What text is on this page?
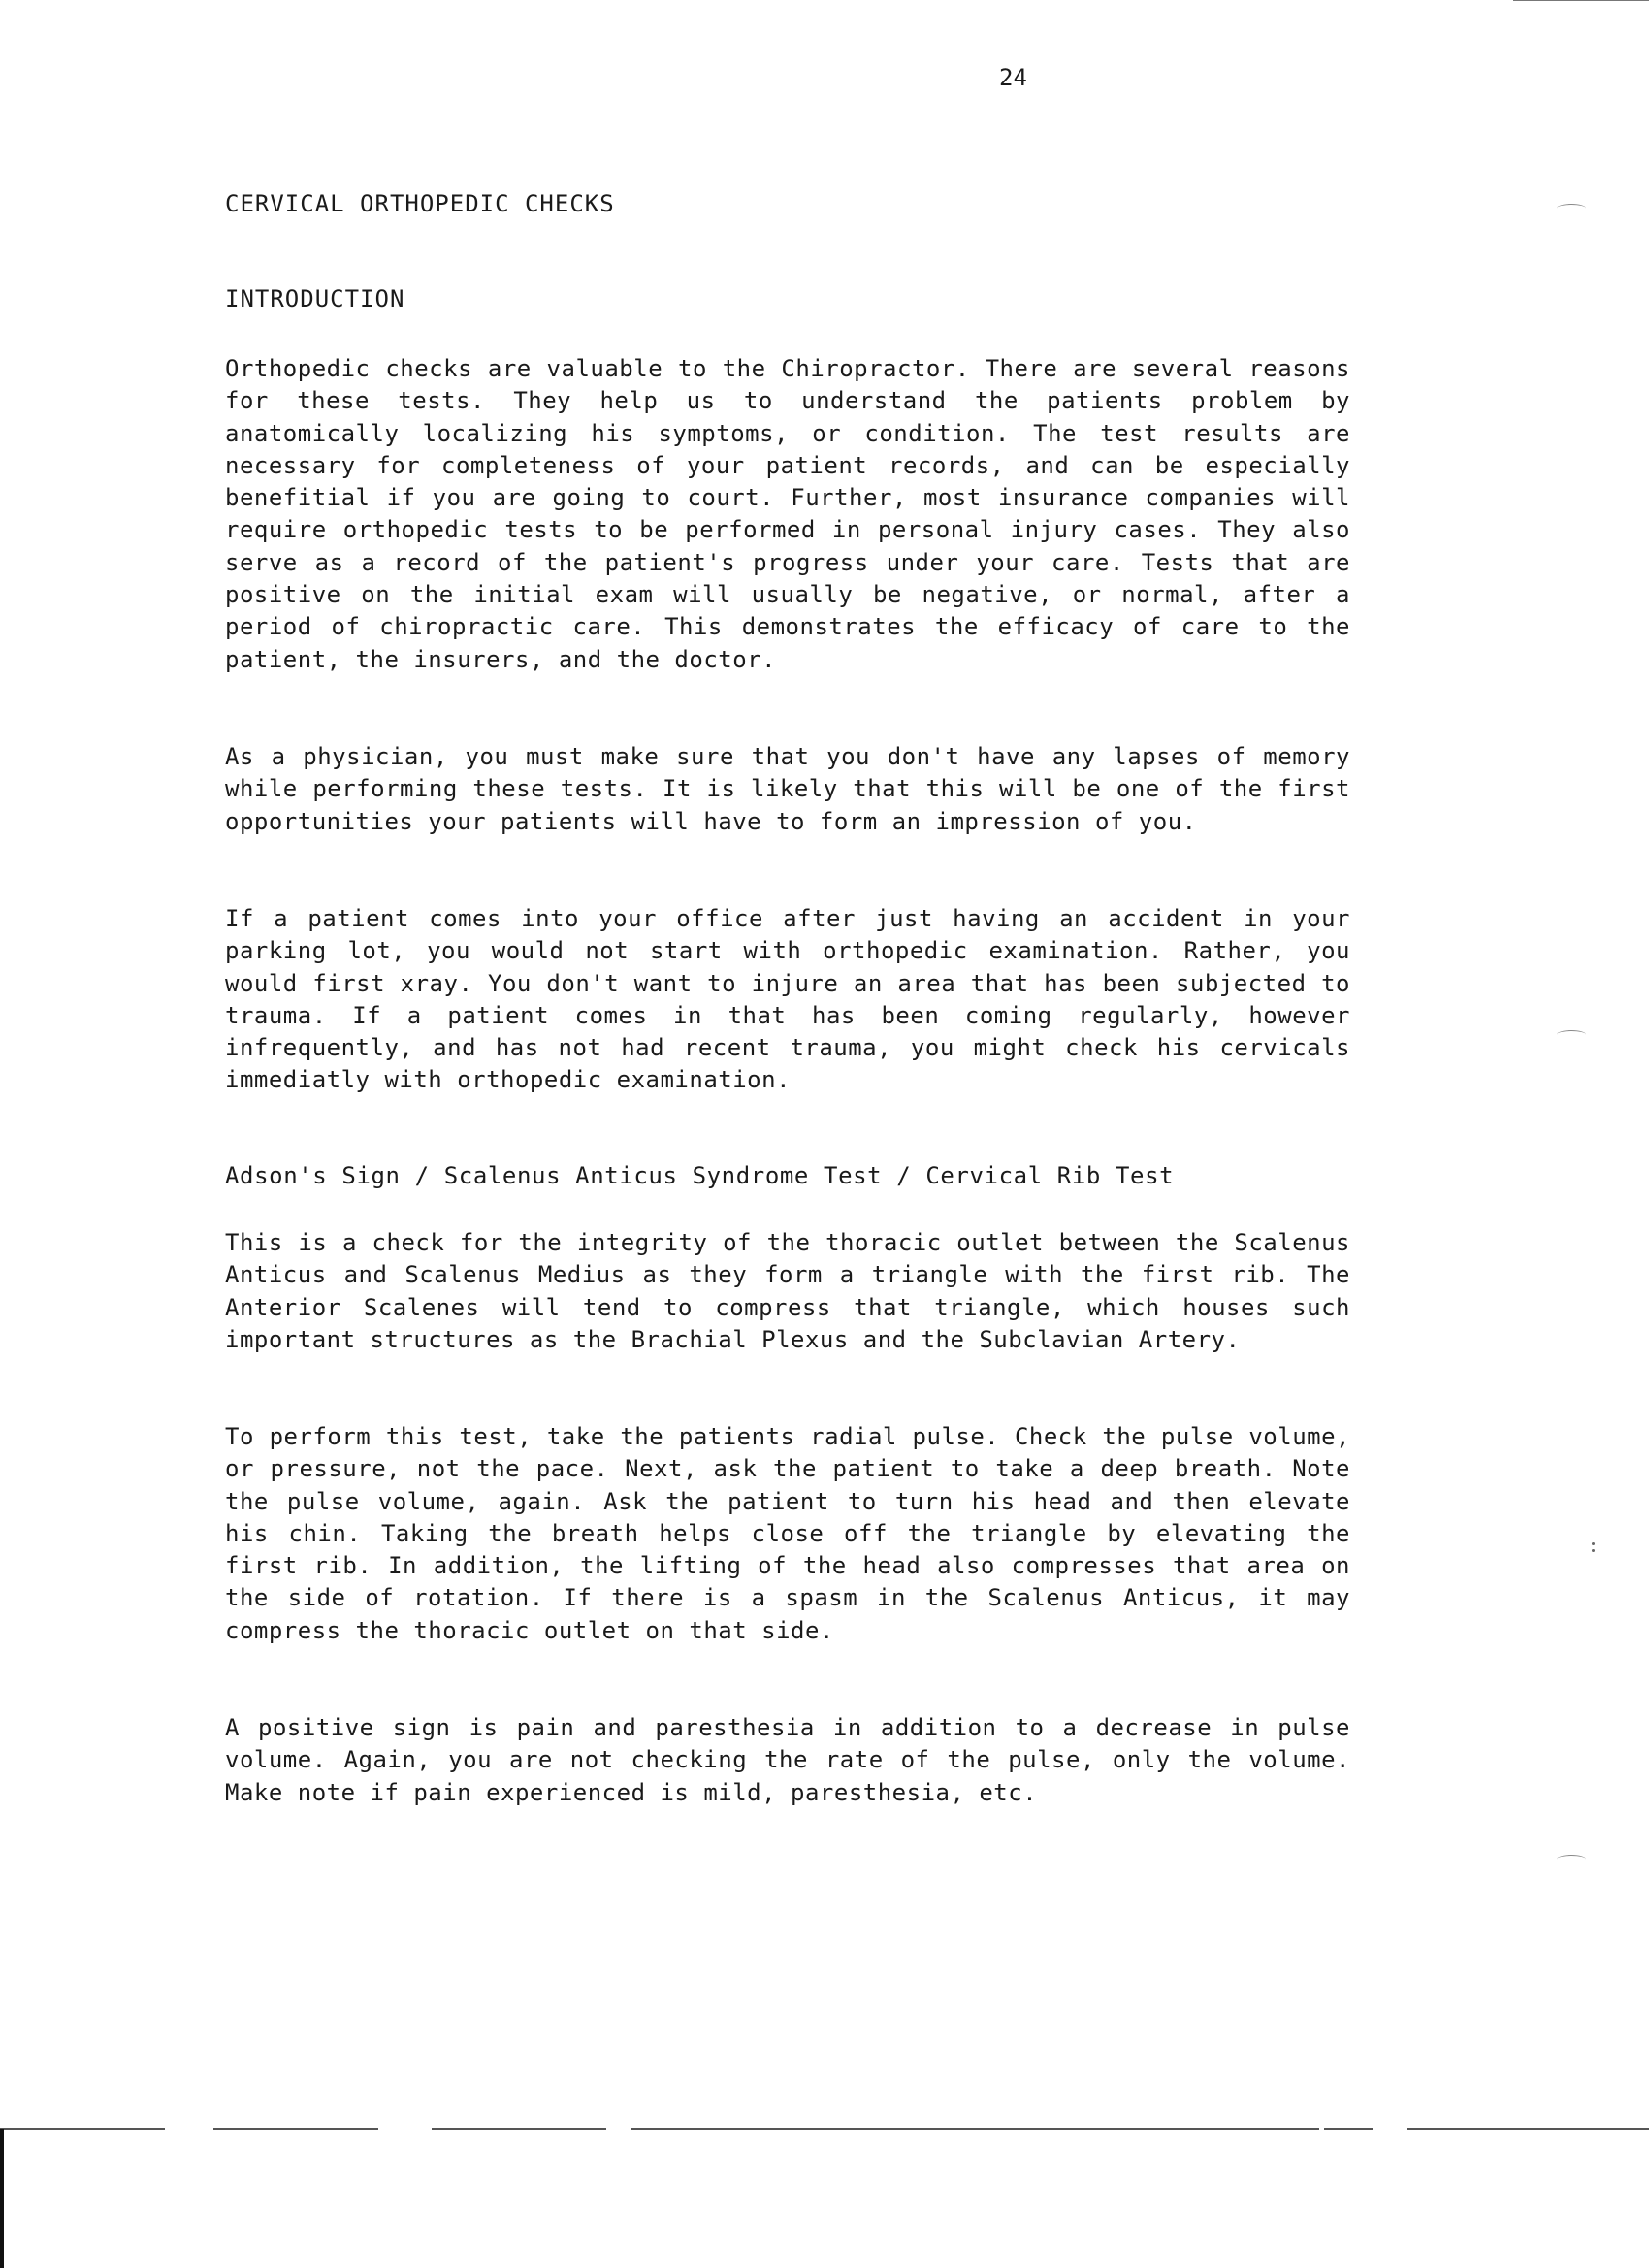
24
CERVICAL ORTHOPEDIC CHECKS
INTRODUCTION

Orthopedic checks are valuable to the Chiropractor. There are several reasons for these tests. They help us to understand the patients problem by anatomically localizing his symptoms, or condition. The test results are necessary for completeness of your patient records, and can be especially benefitial if you are going to court. Further, most insurance companies will require orthopedic tests to be performed in personal injury cases. They also serve as a record of the patient's progress under your care. Tests that are positive on the initial exam will usually be negative, or normal, after a period of chiropractic care. This demonstrates the efficacy of care to the patient, the insurers, and the doctor.

As a physician, you must make sure that you don't have any lapses of memory while performing these tests. It is likely that this will be one of the first opportunities your patients will have to form an impression of you.

If a patient comes into your office after just having an accident in your parking lot, you would not start with orthopedic examination. Rather, you would first xray. You don't want to injure an area that has been subjected to trauma. If a patient comes in that has been coming regularly, however infrequently, and has not had recent trauma, you might check his cervicals immediatly with orthopedic examination.

Adson's Sign / Scalenus Anticus Syndrome Test / Cervical Rib Test

This is a check for the integrity of the thoracic outlet between the Scalenus Anticus and Scalenus Medius as they form a triangle with the first rib. The Anterior Scalenes will tend to compress that triangle, which houses such important structures as the Brachial Plexus and the Subclavian Artery.

To perform this test, take the patients radial pulse. Check the pulse volume, or pressure, not the pace. Next, ask the patient to take a deep breath. Note the pulse volume, again. Ask the patient to turn his head and then elevate his chin. Taking the breath helps close off the triangle by elevating the first rib. In addition, the lifting of the head also compresses that area on the side of rotation. If there is a spasm in the Scalenus Anticus, it may compress the thoracic outlet on that side.

A positive sign is pain and paresthesia in addition to a decrease in pulse volume. Again, you are not checking the rate of the pulse, only the volume. Make note if pain experienced is mild, paresthesia, etc.
